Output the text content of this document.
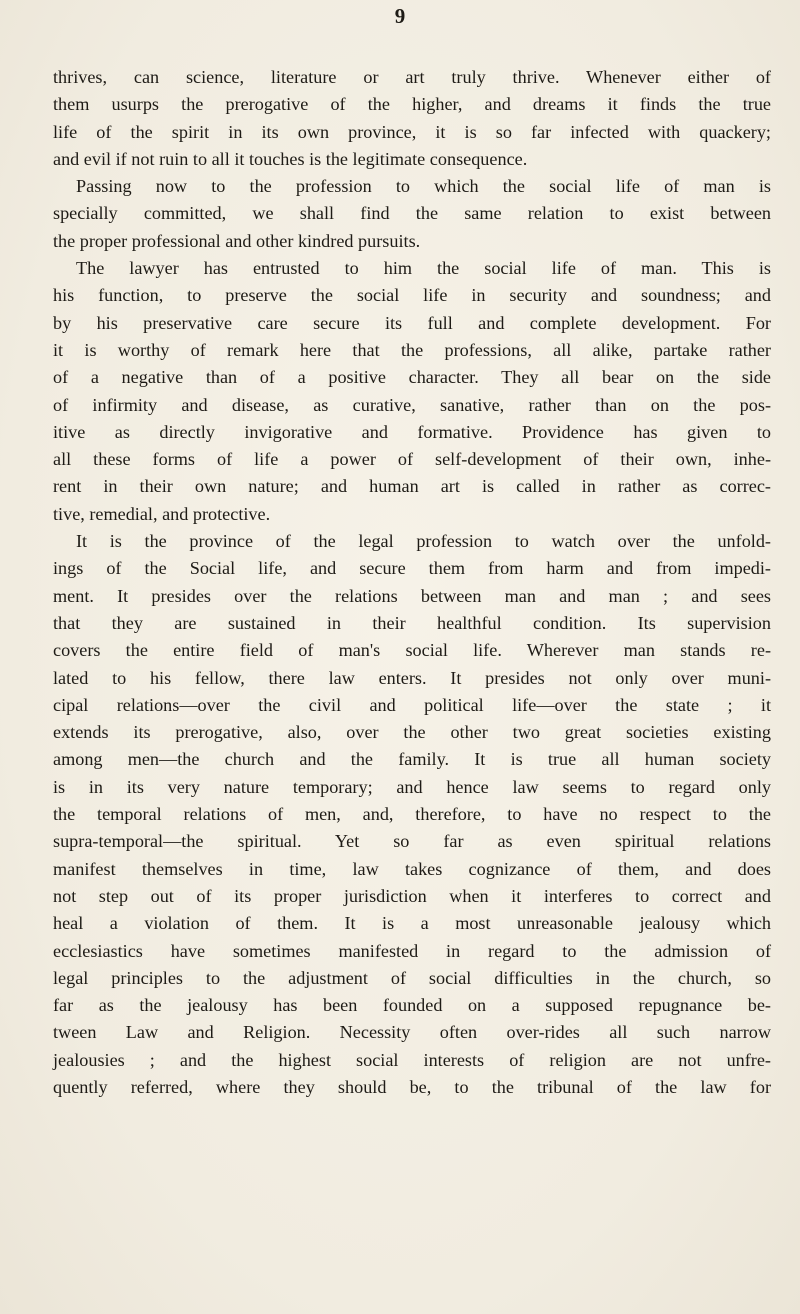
9
thrives, can science, literature or art truly thrive. Whenever either of
them usurps the prerogative of the higher, and dreams it finds the true
life of the spirit in its own province, it is so far infected with quackery;
and evil if not ruin to all it touches is the legitimate consequence.
Passing now to the profession to which the social life of man is
specially committed, we shall find the same relation to exist between
the proper professional and other kindred pursuits.
The lawyer has entrusted to him the social life of man. This is
his function, to preserve the social life in security and soundness; and
by his preservative care secure its full and complete development. For
it is worthy of remark here that the professions, all alike, partake rather
of a negative than of a positive character. They all bear on the side
of infirmity and disease, as curative, sanative, rather than on the pos-
itive as directly invigorative and formative. Providence has given to
all these forms of life a power of self-development of their own, inhe-
rent in their own nature; and human art is called in rather as correc-
tive, remedial, and protective.
It is the province of the legal profession to watch over the unfold-
ings of the Social life, and secure them from harm and from impedi-
ment. It presides over the relations between man and man ; and sees
that they are sustained in their healthful condition. Its supervision
covers the entire field of man's social life. Wherever man stands re-
lated to his fellow, there law enters. It presides not only over muni-
cipal relations—over the civil and political life—over the state ; it
extends its prerogative, also, over the other two great societies existing
among men—the church and the family. It is true all human society
is in its very nature temporary; and hence law seems to regard only
the temporal relations of men, and, therefore, to have no respect to the
supra-temporal—the spiritual. Yet so far as even spiritual relations
manifest themselves in time, law takes cognizance of them, and does
not step out of its proper jurisdiction when it interferes to correct and
heal a violation of them. It is a most unreasonable jealousy which
ecclesiastics have sometimes manifested in regard to the admission of
legal principles to the adjustment of social difficulties in the church, so
far as the jealousy has been founded on a supposed repugnance be-
tween Law and Religion. Necessity often over-rides all such narrow
jealousies ; and the highest social interests of religion are not unfre-
quently referred, where they should be, to the tribunal of the law for
